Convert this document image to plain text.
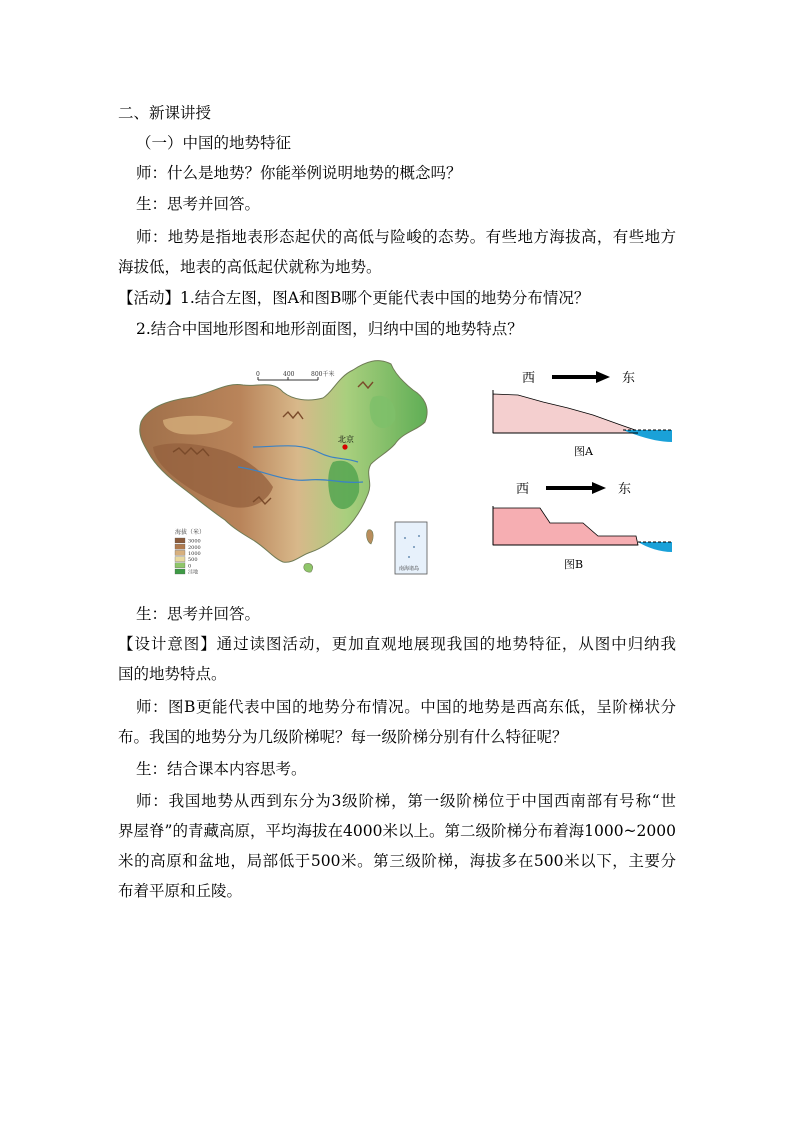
二、新课讲授
（一）中国的地势特征
师：什么是地势？你能举例说明地势的概念吗？
生：思考并回答。
师：地势是指地表形态起伏的高低与险峻的态势。有些地方海拔高，有些地方
海拔低，地表的高低起伏就称为地势。
【活动】1.结合左图，图A和图B哪个更能代表中国的地势分布情况？
2.结合中国地形图和地形剖面图，归纳中国的地势特点？
北京
0	400	800千米
海拔（米）
3000
2000
1000
500
0
洼地
南海诸岛
西	东
图A
西	东
图B
生：思考并回答。
【设计意图】通过读图活动，更加直观地展现我国的地势特征，从图中归纳我
国的地势特点。
师：图B更能代表中国的地势分布情况。中国的地势是西高东低，呈阶梯状分
布。我国的地势分为几级阶梯呢？每一级阶梯分别有什么特征呢？
生：结合课本内容思考。
师：我国地势从西到东分为3级阶梯，第一级阶梯位于中国西南部有号称“世
界屋脊”的青藏高原，平均海拔在4000米以上。第二级阶梯分布着海1000~2000
米的高原和盆地，局部低于500米。第三级阶梯，海拔多在500米以下，主要分
布着平原和丘陵。
